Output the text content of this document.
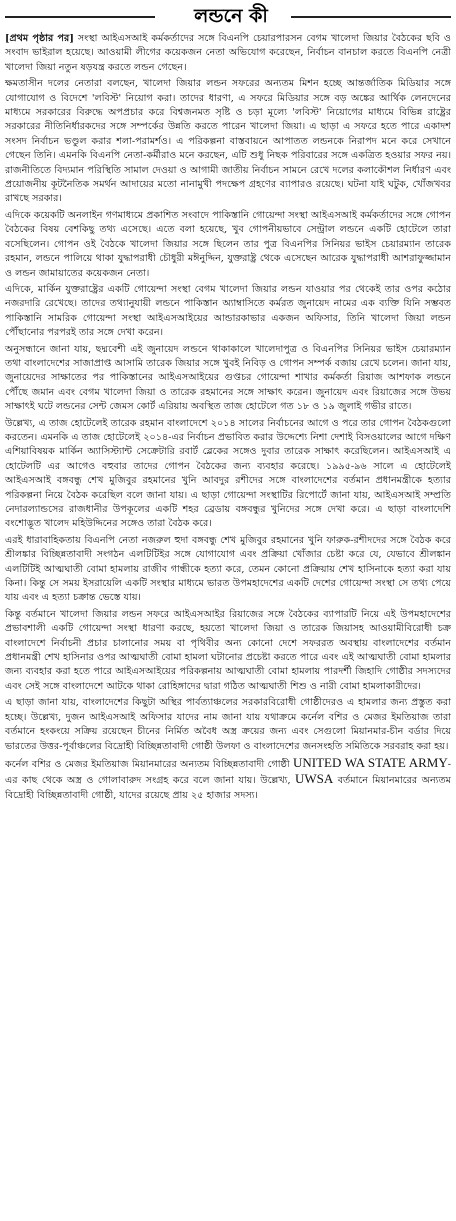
লন্ডনে কী

[প্রথম পৃষ্ঠার পর] সংস্থা আইএসআই কর্মকর্তাদের সঙ্গে বিএনপি চেয়ারপারসন বেগম খালেদা জিয়ার বৈঠকের ছবি ও সংবাদ ভাইরাল হয়েছে। আওয়ামী লীগের কয়েকজন নেতা অভিযোগ করেছেন, নির্বাচন বানচাল করতে বিএনপি নেত্রী খালেদা জিয়া নতুন ষড়যন্ত্র করতে লন্ডন গেছেন।

ক্ষমতাসীন দলের নেতারা বলছেন, খালেদা জিয়ার লন্ডন সফরের অন্যতম মিশন হচ্ছে আন্তর্জাতিক মিডিয়ার সঙ্গে যোগাযোগ ও বিদেশে 'লবিস্ট' নিয়োগ করা। তাদের ধারণা, এ সফরে মিডিয়ার সঙ্গে বড় অঙ্কের আর্থিক লেনদেনের মাধ্যমে সরকারের বিরুদ্ধে অপপ্রচার করে বিশ্বজনমত সৃষ্টি ও চড়া মূল্যে 'লবিস্ট' নিয়োগের মাধ্যমে বিভিন্ন রাষ্ট্রের সরকারের নীতিনির্ধারকদের সঙ্গে সম্পর্কের উন্নতি করতে পারেন খালেদা জিয়া। এ ছাড়া এ সফরে হতে পারে একাদশ সংসদ নির্বাচন ভণ্ডুল করার শলা-পরামর্শও। এ পরিকল্পনা বাস্তবায়নে আপাতত লন্ডনকে নিরাপদ মনে করে সেখানে গেছেন তিনি। এমনকি বিএনপি নেতা-কর্মীরাও মনে করছেন, এটি শুধু নিছক পরিবারের সঙ্গে একত্রিত হওয়ার সফর নয়। রাজনীতিতে বিদ্যমান পরিস্থিতি সামাল দেওয়া ও আগামী জাতীয় নির্বাচন সামনে রেখে দলের কলাকৌশল নির্ধারণ এবং প্রয়োজনীয় কূটনৈতিক সমর্থন আদায়ের মতো নানামুখী পদক্ষেপ গ্রহণের ব্যাপারও রয়েছে। ঘটনা যাই ঘটুক, খোঁজখবর রাখছে সরকার।

এদিকে কয়েকটি অনলাইন গণমাধ্যমে প্রকাশিত সংবাদে পাকিস্তানি গোয়েন্দা সংস্থা আইএসআই কর্মকর্তাদের সঙ্গে গোপন বৈঠকের বিষয় বেশকিছু তথ্য এসেছে। এতে বলা হয়েছে, খুব গোপনীয়ভাবে সেন্ট্রাল লন্ডনে একটি হোটেলে তারা বসেছিলেন। গোপন ওই বৈঠকে খালেদা জিয়ার সঙ্গে ছিলেন তার পুত্র বিএনপির সিনিয়র ভাইস চেয়ারম্যান তারেক রহমান, লন্ডনে পালিয়ে থাকা যুদ্ধাপরাধী চৌধুরী মঈনুদ্দিন, যুক্তরাষ্ট্র থেকে এসেছেন আরেক যুদ্ধাপরাধী আশরাফুজ্জামান ও লন্ডন জামায়াতের কয়েকজন নেতা।

এদিকে, মার্কিন যুক্তরাষ্ট্রের একটি গোয়েন্দা সংস্থা বেগম খালেদা জিয়ার লন্ডন যাওয়ার পর থেকেই তার ওপর কঠোর নজরদারি রেখেছে। তাদের তথ্যানুযায়ী লন্ডনে পাকিস্তান অ্যাম্বাসিতে কর্মরত জুনায়েদ নামের এক ব্যক্তি যিনি সম্ভবত পাকিস্তানি সামরিক গোয়েন্দা সংস্থা আইএসআইয়ের আন্ডারকাভার একজন অফিসার, তিনি খালেদা জিয়া লন্ডন পৌঁছানোর পরপরই তার সঙ্গে দেখা করেন।

অনুসন্ধানে জানা যায়, ছদ্মবেশী এই জুনায়েদ লন্ডনে থাকাকালে খালেদাপুত্র ও বিএনপির সিনিয়র ভাইস চেয়ারম্যান তথা বাংলাদেশের সাজাপ্রাপ্ত আসামি তারেক জিয়ার সঙ্গে খুবই নিবিড় ও গোপন সম্পর্ক বজায় রেখে চলেন। জানা যায়, জুনায়েদের সাক্ষাতের পর পাকিস্তানের আইএসআইয়ের গুপ্তচর গোয়েন্দা শাখার কর্মকর্তা রিয়াজ আশফাক লন্ডনে পৌঁছে জমান এবং বেগম খালেদা জিয়া ও তারেক রহমানের সঙ্গে সাক্ষাৎ করেন। জুনায়েদ এবং রিয়াজের সঙ্গে উভয় সাক্ষাৎই ঘটে লন্ডনের সেন্ট জেমস কোর্ট এরিয়ায় অবস্থিত তাজ হোটেলে গত ১৮ ও ১৯ জুলাই গভীর রাতে।

উল্লেখ্য, এ তাজ হোটেলেই তারেক রহমান বাংলাদেশে ২০১৪ সালের নির্বাচনের আগে ও পরে তার গোপন বৈঠকগুলো করতেন। এমনকি এ তাজ হোটেলেই ২০১৪-এর নির্বাচন প্রভাবিত করার উদ্দেশ্যে নিশা দেশাই বিসওয়ালের আগে দক্ষিণ এশিয়াবিষয়ক মার্কিন অ্যাসিস্ট্যান্ট সেক্রেটারি রবার্ট ব্লেকের সঙ্গেও দুবার তারেক সাক্ষাৎ করেছিলেন। আইএসআই এ হোটেলটি এর আগেও বহুবার তাদের গোপন বৈঠকের জন্য ব্যবহার করেছে। ১৯৯৫-৯৬ সালে এ হোটেলেই আইএসআই বঙ্গবন্ধু শেখ মুজিবুর রহমানের খুনি আবদুর রশীদের সঙ্গে বাংলাদেশের বর্তমান প্রধানমন্ত্রীকে হত্যার পরিকল্পনা নিয়ে বৈঠক করেছিল বলে জানা যায়। এ ছাড়া গোয়েন্দা সংস্থাটির রিপোর্টে জানা যায়, আইএসআই সম্প্রতি নেদারল্যান্ডসের রাজধানীর উপকূলের একটি শহর ব্রেডায় বঙ্গবন্ধুর খুনিদের সঙ্গে দেখা করে। এ ছাড়া বাংলাদেশি বংশোদ্ভূত খালেদ মহিউদ্দিনের সঙ্গেও তারা বৈঠক করে।

এরই ধারাবাহিকতায় বিএনপি নেতা নজরুল হুদা বঙ্গবন্ধু শেখ মুজিবুর রহমানের খুনি ফারুক-রশীদদের সঙ্গে বৈঠক করে শ্রীলঙ্কার বিচ্ছিন্নতাবাদী সংগঠন এলটিটিইর সঙ্গে যোগাযোগ এবং প্রক্রিয়া খোঁজার চেষ্টা করে যে, যেভাবে শ্রীলঙ্কান এলটিটিই আত্মঘাতী বোমা হামলায় রাজীব গান্ধীকে হত্যা করে, তেমন কোনো প্রক্রিয়ায় শেখ হাসিনাকে হত্যা করা যায় কিনা। কিন্তু সে সময় ইসরায়েলি একটি সংস্থার মাধ্যমে ভারত উপমহাদেশের একটি দেশের গোয়েন্দা সংস্থা সে তথ্য পেয়ে যায় এবং এ হত্যা চক্রান্ত ভেস্তে যায়।

কিন্তু বর্তমানে খালেদা জিয়ার লন্ডন সফরে আইএসআইর রিয়াজের সঙ্গে বৈঠকের ব্যাপারটি নিয়ে এই উপমহাদেশের প্রভাবশালী একটি গোয়েন্দা সংস্থা ধারণা করছে, হয়তো খালেদা জিয়া ও তারেক জিয়াসহ আওয়ামীবিরোধী চক্র বাংলাদেশে নির্বাচনী প্রচার চালানোর সময় বা পৃথিবীর অন্য কোনো দেশে সফররত অবস্থায় বাংলাদেশের বর্তমান প্রধানমন্ত্রী শেখ হাসিনার ওপর আত্মঘাতী বোমা হামলা ঘটানোর প্রচেষ্টা করতে পারে এবং এই আত্মঘাতী বোমা হামলার জন্য ব্যবহার করা হতে পারে আইএসআইয়ের পরিকল্পনায় আত্মঘাতী বোমা হামলায় পারদর্শী জিহাদি গোষ্ঠীর সদস্যদের এবং সেই সঙ্গে বাংলাদেশে আটকে থাকা রোহিঙ্গাদের দ্বারা গঠিত আত্মঘাতী শিশু ও নারী বোমা হামলাকারীদের।

এ ছাড়া জানা যায়, বাংলাদেশের কিছুটা অস্থির পার্বত্যাঞ্চলের সরকারবিরোধী গোষ্ঠীদেরও এ হামলার জন্য প্রস্তুত করা হচ্ছে। উল্লেখ্য, দুজন আইএসআই অফিসার যাদের নাম জানা যায় যথাক্রমে কর্নেল বশির ও মেজর ইমতিয়াজ তারা বর্তমানে হংকংয়ে সক্রিয় রয়েছেন চীনের নির্মিত অবৈধ অস্ত্র ক্রয়ের জন্য এবং সেগুলো মিয়ানমার-চীন বর্ডার দিয়ে ভারতের উত্তর-পূর্বাঞ্চলের বিদ্রোহী বিচ্ছিন্নতাবাদী গোষ্ঠী উলফা ও বাংলাদেশের জনসংহতি সমিতিকে সরবরাহ করা হয়।

কর্নেল বশির ও মেজর ইমতিয়াজ মিয়ানমারের অন্যতম বিচ্ছিন্নতাবাদী গোষ্ঠী UNITED WA STATE ARMY-এর কাছ থেকে অস্ত্র ও গোলাবারুদ সংগ্রহ করে বলে জানা যায়। উল্লেখ্য, UWSA বর্তমানে মিয়ানমারের অন্যতম বিদ্রোহী বিচ্ছিন্নতাবাদী গোষ্ঠী, যাদের রয়েছে প্রায় ২৫ হাজার সদস্য।
